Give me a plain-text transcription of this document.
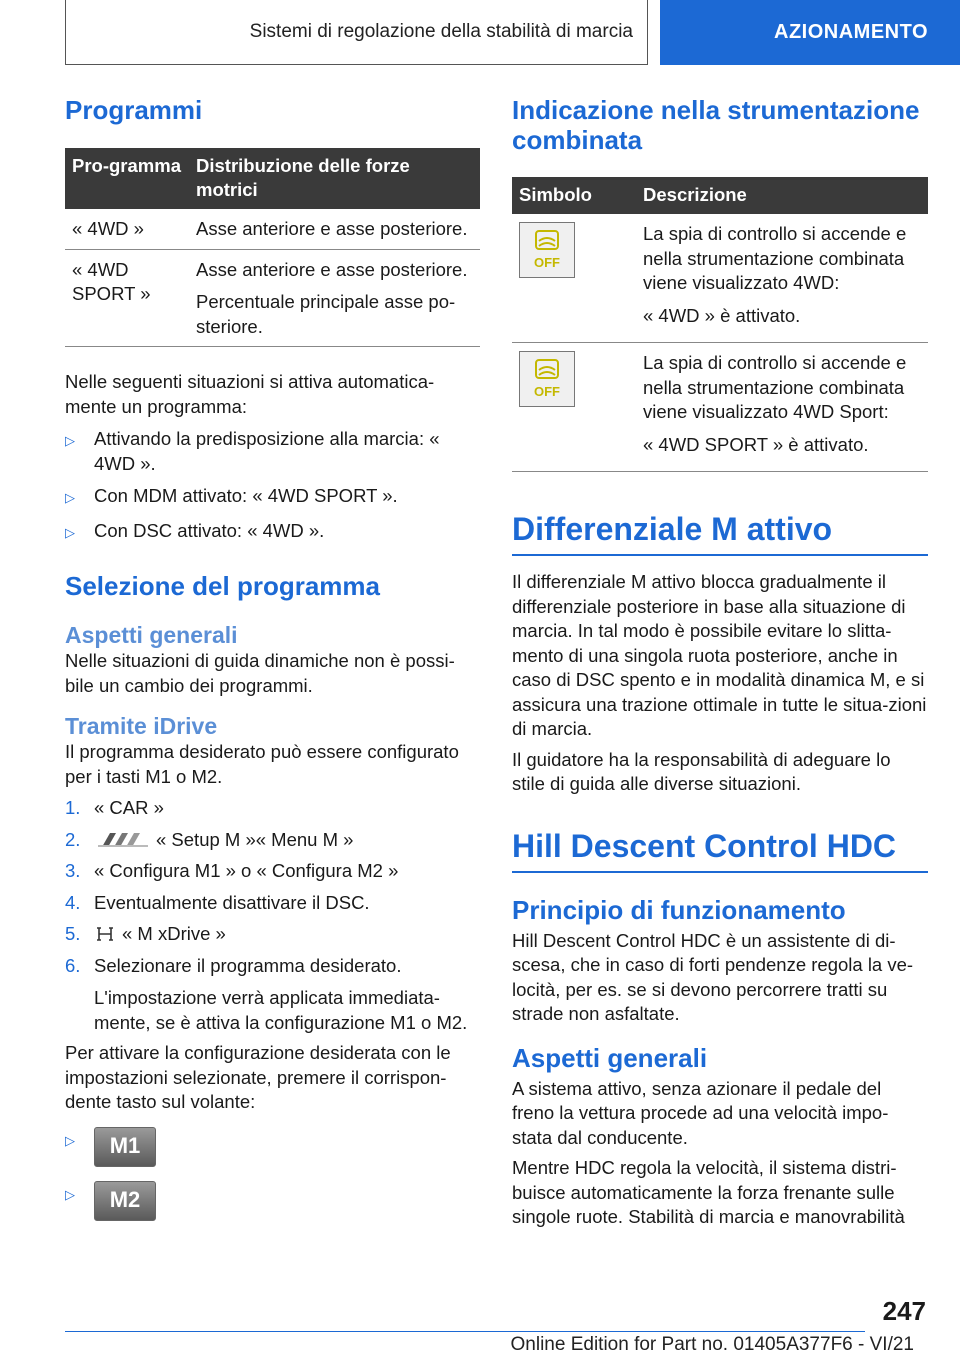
Sistemi di regolazione della stabilità di marcia	AZIONAMENTO
Programmi
Pro-gramma	Distribuzione delle forze motrici
« 4WD »	Asse anteriore e asse posteriore.

« 4WD SPORT »	Asse anteriore e asse posteriore.

Percentuale principale asse po-steriore.

Nelle seguenti situazioni si attiva automatica-mente un programma:
▷	Attivando la predisposizione alla marcia: « 4WD ».
▷	Con MDM attivato: « 4WD SPORT ».
▷	Con DSC attivato: « 4WD ».
Selezione del programma
Aspetti generali
Nelle situazioni di guida dinamiche non è possi-bile un cambio dei programmi.
Tramite iDrive
Il programma desiderato può essere configurato per i tasti M1 o M2.
1. « CAR »
2.	« Setup M »« Menu M »
3. « Configura M1 » o « Configura M2 »
4. Eventualmente disattivare il DSC.
5.	« M xDrive »
6. Selezionare il programma desiderato.
L'impostazione verrà applicata immediata-mente, se è attiva la configurazione M1 o M2.
Per attivare la configurazione desiderata con le impostazioni selezionate, premere il corrispon-dente tasto sul volante:
▷	M1
▷	M2
Indicazione nella strumentazione combinata
Simbolo	Descrizione

OFF	La spia di controllo si accende e nella strumentazione combinata viene visualizzato 4WD:

« 4WD » è attivato.

OFF	La spia di controllo si accende e nella strumentazione combinata viene visualizzato 4WD Sport:

« 4WD SPORT » è attivato.

Differenziale M attivo
Il differenziale M attivo blocca gradualmente il differenziale posteriore in base alla situazione di marcia. In tal modo è possibile evitare lo slitta-mento di una singola ruota posteriore, anche in caso di DSC spento e in modalità dinamica M, e si assicura una trazione ottimale in tutte le situa-zioni di marcia.
Il guidatore ha la responsabilità di adeguare lo stile di guida alle diverse situazioni.
Hill Descent Control HDC
Principio di funzionamento
Hill Descent Control HDC è un assistente di di-scesa, che in caso di forti pendenze regola la ve-locità, per es. se si devono percorrere tratti su strade non asfaltate.
Aspetti generali
A sistema attivo, senza azionare il pedale del freno la vettura procede ad una velocità impo-stata dal conducente.
Mentre HDC regola la velocità, il sistema distri-buisce automaticamente la forza frenante sulle singole ruote. Stabilità di marcia e manovrabilità
247
Online Edition for Part no. 01405A377F6 - VI/21
